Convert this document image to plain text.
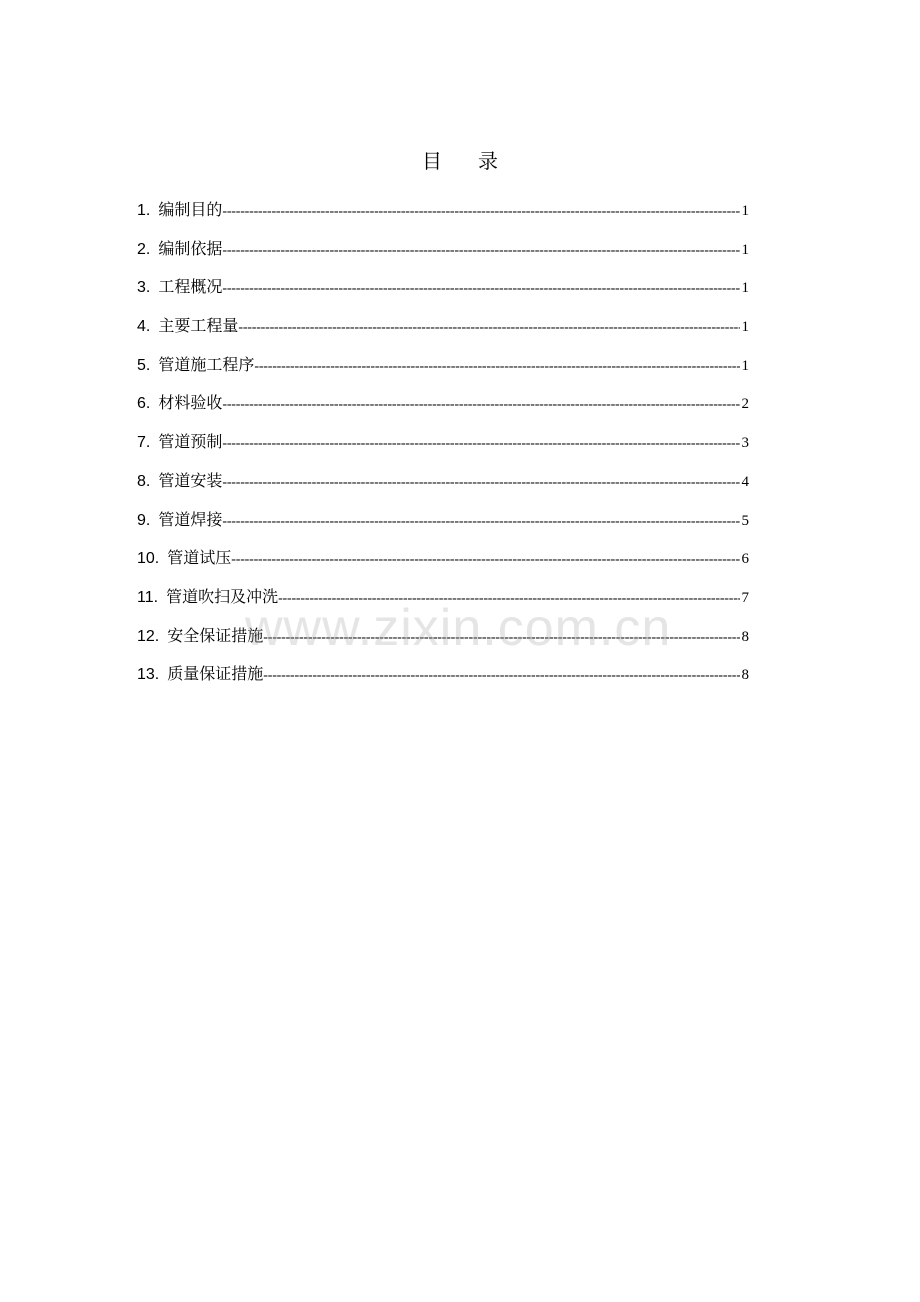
目 录
1. 编制目的 -----	1
2. 编制依据 -----	1
3. 工程概况 -----	1
4. 主要工程量 -----	1
5. 管道施工程序 -----	1
6. 材料验收 -----	2
7. 管道预制 -----	3
8. 管道安装 -----	4
9. 管道焊接 -----	5
10. 管道试压 -----	6
11. 管道吹扫及冲洗 -----	7
12. 安全保证措施 -----	8
13. 质量保证措施 -----	8
www.zixin.com.cn
